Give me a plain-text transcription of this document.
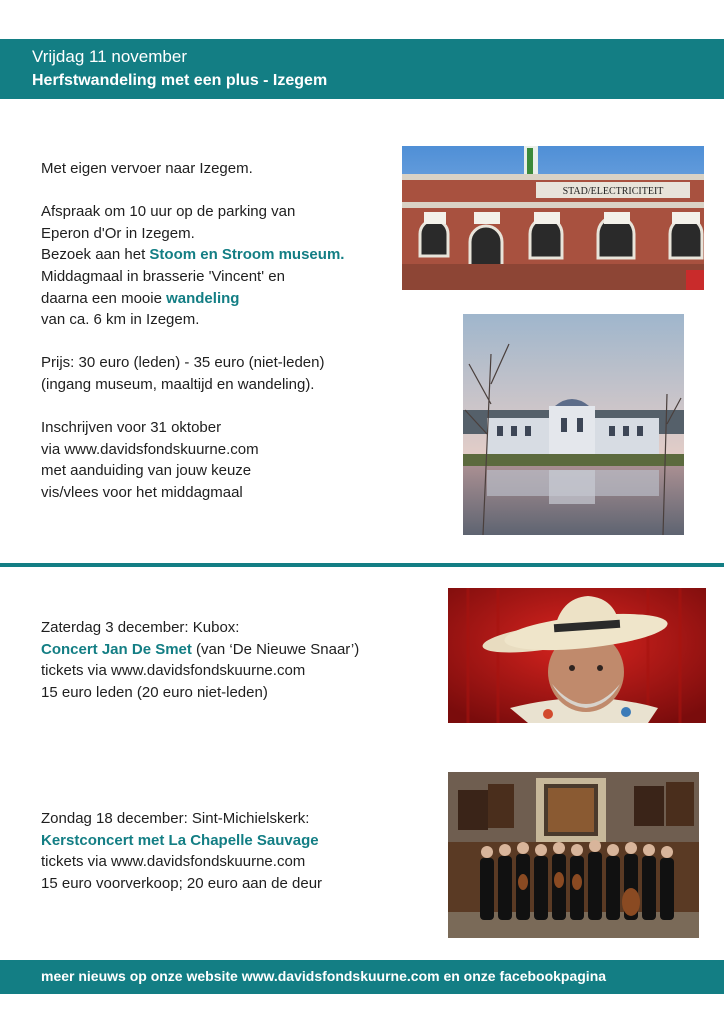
Vrijdag 11 november
Herfstwandeling met een plus - Izegem

Met eigen vervoer naar Izegem.

Afspraak om 10 uur op de parking van

Eperon d'Or in Izegem.

Bezoek aan het Stoom en Stroom museum.

Middagmaal in brasserie 'Vincent' en

daarna een mooie wandeling

van ca. 6 km in Izegem.

Prijs: 30 euro (leden) - 35 euro (niet-leden)

(ingang museum, maaltijd en wandeling).

Inschrijven voor 31 oktober

via www.davidsfondskuurne.com

met aanduiding van jouw keuze

vis/vlees voor het middagmaal

STAD/ELECTRICITEIT

Zaterdag 3 december: Kubox:

Concert Jan De Smet (van ‘De Nieuwe Snaar’)

tickets via www.davidsfondskuurne.com

15 euro leden (20 euro niet-leden)

Zondag 18 december: Sint-Michielskerk:

Kerstconcert met La Chapelle Sauvage

tickets via www.davidsfondskuurne.com

15 euro voorverkoop; 20 euro aan de deur

meer nieuws op onze website www.davidsfondskuurne.com en onze facebookpagina
